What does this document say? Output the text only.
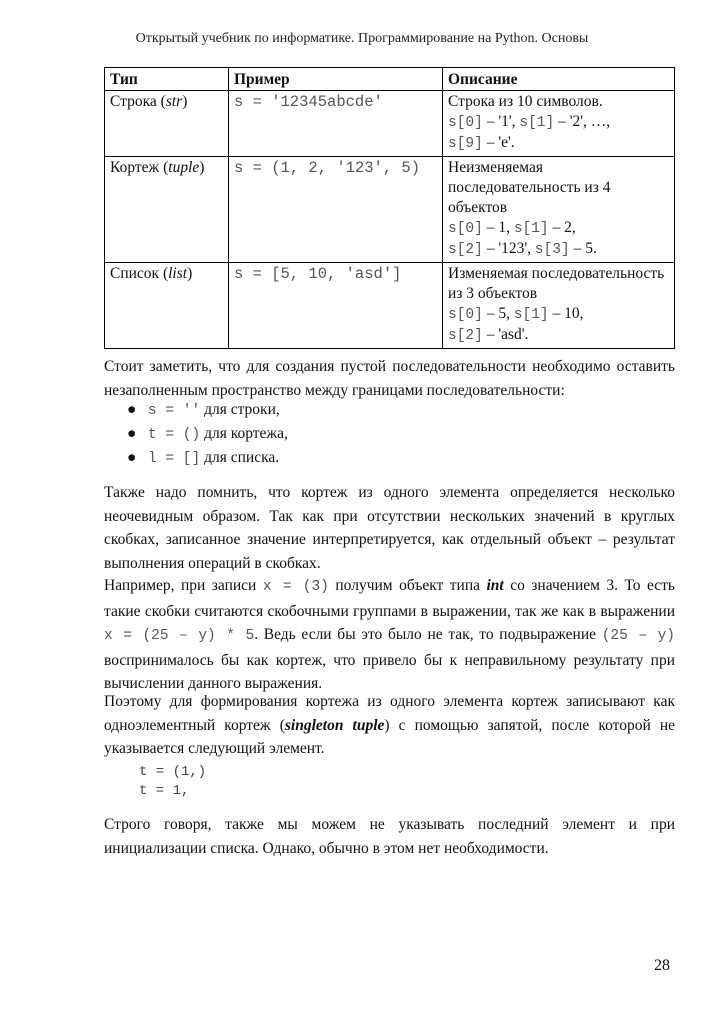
Открытый учебник по информатике. Программирование на Python. Основы
Тип	Пример	Описание
Строка (str)	s = '12345abcde'	Строка из 10 символов.
s[0] – '1', s[1] – '2', …,
s[9] – 'e'.

Кортеж (tuple)	s = (1, 2, '123', 5)	Неизменяемая последовательность из 4 объектов
s[0] – 1, s[1] – 2,
s[2] – '123', s[3] – 5.

Список (list)	s = [5, 10, 'asd']	Изменяемая последовательность из 3 объектов
s[0] – 5, s[1] – 10,
s[2] – 'asd'.

Стоит заметить, что для создания пустой последовательности необходимо оставить незаполненным пространство между границами последовательности:

● s = '' для строки,
● t = () для кортежа,
● l = [] для списка.

Также надо помнить, что кортеж из одного элемента определяется несколько неочевидным образом. Так как при отсутствии нескольких значений в круглых скобках, записанное значение интерпретируется, как отдельный объект – результат выполнения операций в скобках.

Например, при записи x = (3) получим объект типа int со значением 3. То есть такие скобки считаются скобочными группами в выражении, так же как в выражении x = (25 – y) * 5. Ведь если бы это было не так, то подвыражение (25 – y) воспринималось бы как кортеж, что привело бы к неправильному результату при вычислении данного выражения.

Поэтому для формирования кортежа из одного элемента кортеж записывают как одноэлементный кортеж (singleton tuple) с помощью запятой, после которой не указывается следующий элемент.

t = (1,)
t = 1,

Строго говоря, также мы можем не указывать последний элемент и при инициализации списка. Однако, обычно в этом нет необходимости.

28
